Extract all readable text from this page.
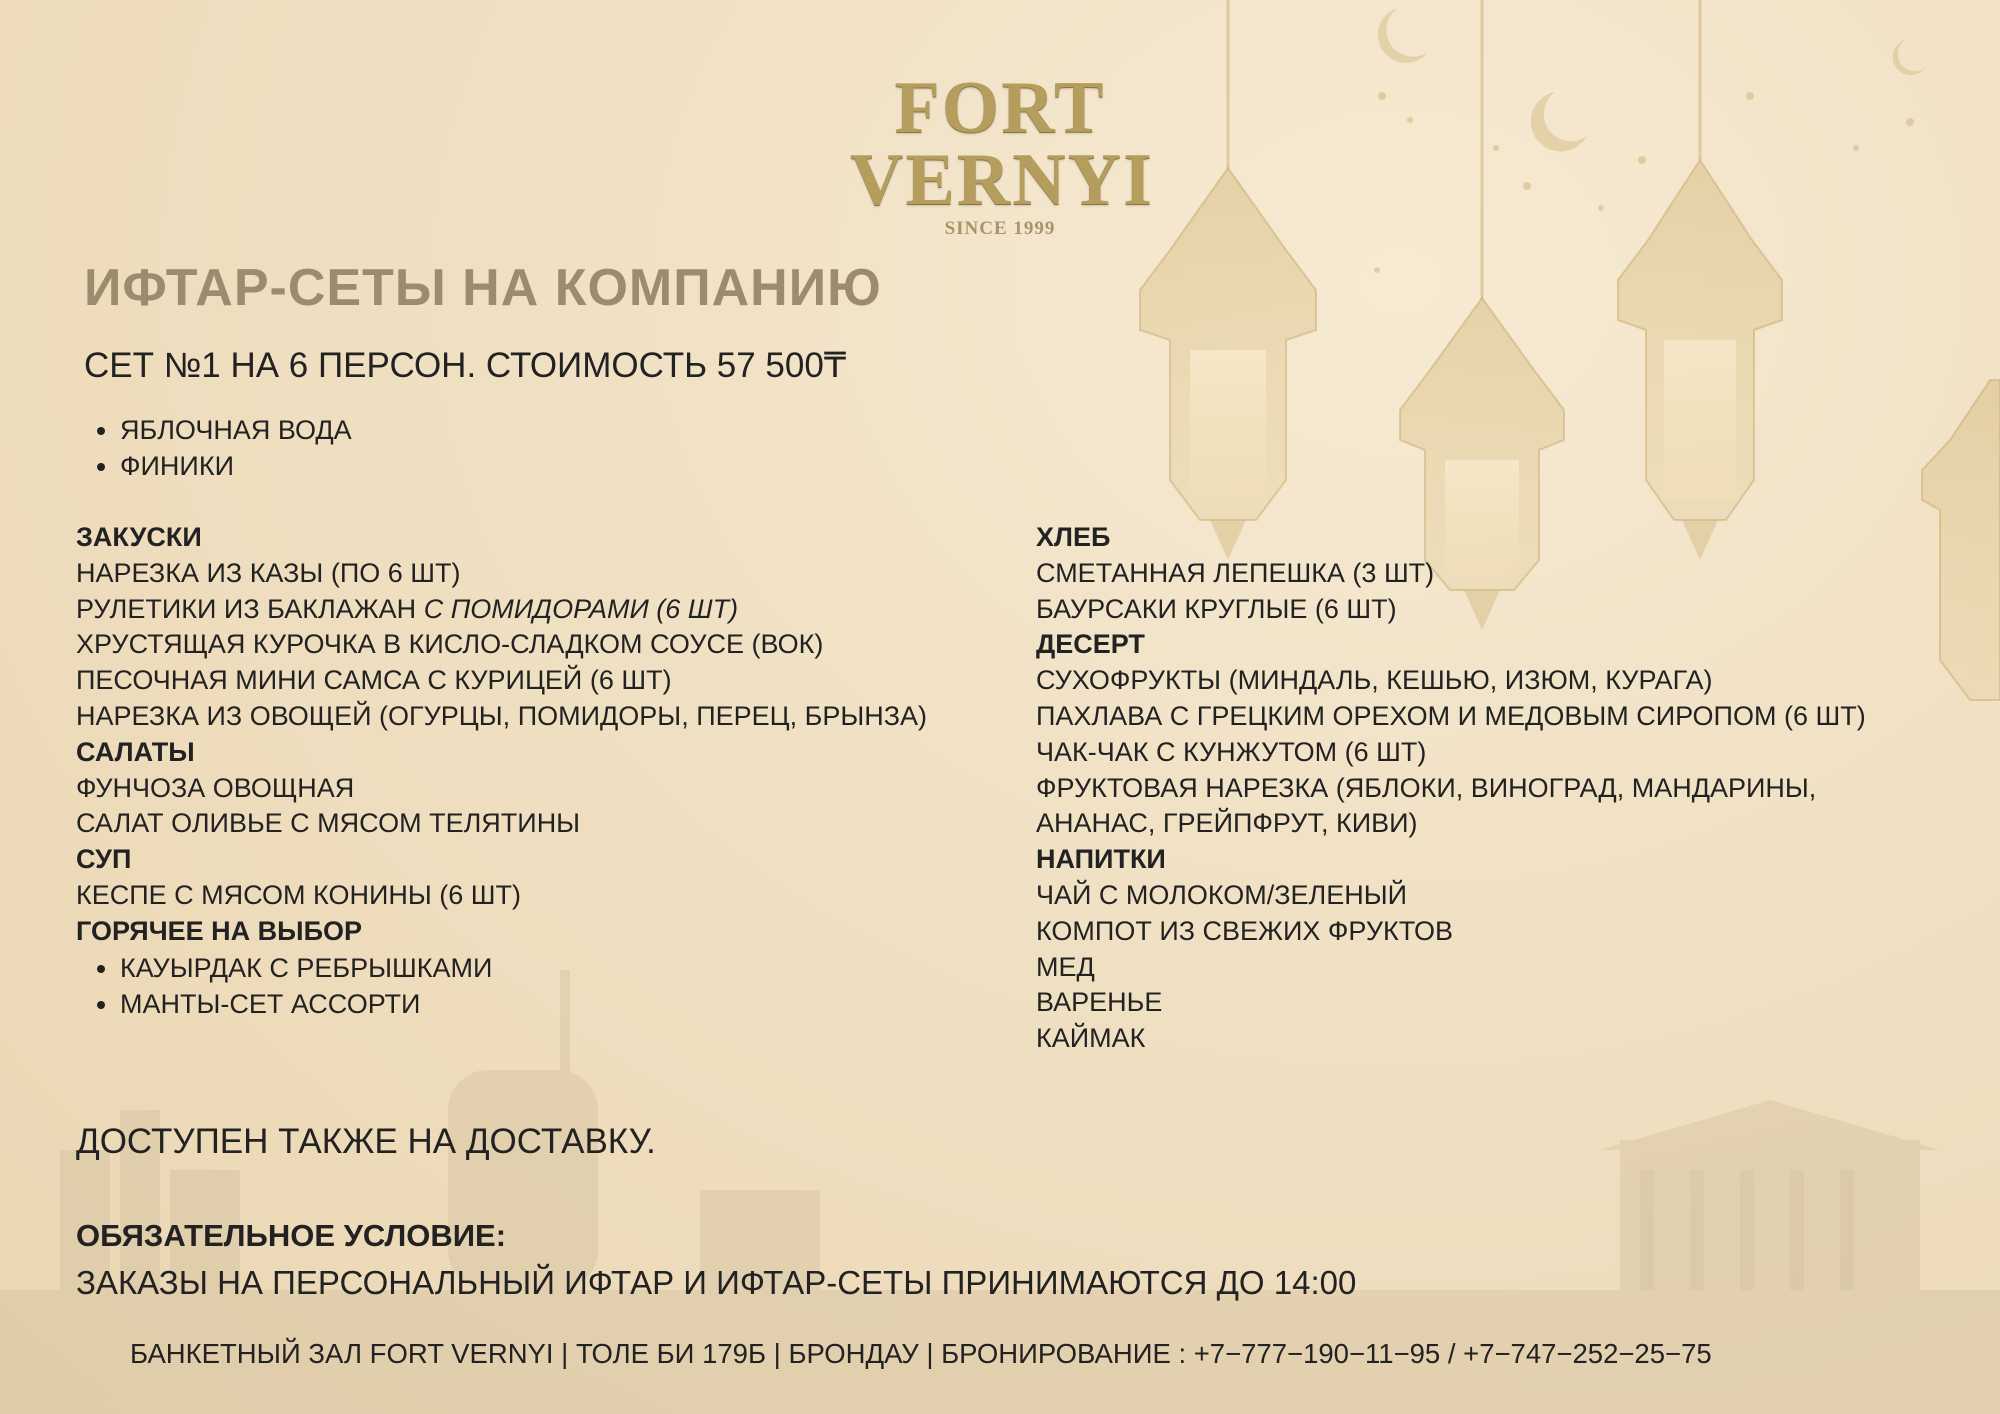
FORT
VERNYI
SINCE 1999
ИФТАР-СЕТЫ НА КОМПАНИЮ
СЕТ №1 НА 6 ПЕРСОН. СТОИМОСТЬ 57 500₸
• ЯБЛОЧНАЯ ВОДА
• ФИНИКИ
ЗАКУСКИ
НАРЕЗКА ИЗ КАЗЫ (ПО 6 ШТ)
РУЛЕТИКИ ИЗ БАКЛАЖАН С ПОМИДОРАМИ (6 ШТ)
ХРУСТЯЩАЯ КУРОЧКА В КИСЛО-СЛАДКОМ СОУСЕ (ВОК)
ПЕСОЧНАЯ МИНИ САМСА С КУРИЦЕЙ (6 ШТ)
НАРЕЗКА ИЗ ОВОЩЕЙ (ОГУРЦЫ, ПОМИДОРЫ, ПЕРЕЦ, БРЫНЗА)
САЛАТЫ
ФУНЧОЗА ОВОЩНАЯ
САЛАТ ОЛИВЬЕ С МЯСОМ ТЕЛЯТИНЫ
СУП
КЕСПЕ С МЯСОМ КОНИНЫ (6 ШТ)
ГОРЯЧЕЕ НА ВЫБОР
• КАУЫРДАК С РЕБРЫШКАМИ
• МАНТЫ-СЕТ АССОРТИ
ХЛЕБ
СМЕТАННАЯ ЛЕПЕШКА (3 ШТ)
БАУРСАКИ КРУГЛЫЕ (6 ШТ)
ДЕСЕРТ
СУХОФРУКТЫ (МИНДАЛЬ, КЕШЬЮ, ИЗЮМ, КУРАГА)
ПАХЛАВА С ГРЕЦКИМ ОРЕХОМ И МЕДОВЫМ СИРОПОМ (6 ШТ)
ЧАК-ЧАК С КУНЖУТОМ (6 ШТ)
ФРУКТОВАЯ НАРЕЗКА (ЯБЛОКИ, ВИНОГРАД, МАНДАРИНЫ,
АНАНАС, ГРЕЙПФРУТ, КИВИ)
НАПИТКИ
ЧАЙ С МОЛОКОМ/ЗЕЛЕНЫЙ
КОМПОТ ИЗ СВЕЖИХ ФРУКТОВ
МЕД
ВАРЕНЬЕ
КАЙМАК
ДОСТУПЕН ТАКЖЕ НА ДОСТАВКУ.
ОБЯЗАТЕЛЬНОЕ УСЛОВИЕ:
ЗАКАЗЫ НА ПЕРСОНАЛЬНЫЙ ИФТАР И ИФТАР-СЕТЫ ПРИНИМАЮТСЯ ДО 14:00
БАНКЕТНЫЙ ЗАЛ FORT VERNYI | ТОЛЕ БИ 179Б | БРОНДАУ | БРОНИРОВАНИЕ : +7−777−190−11−95 / +7−747−252−25−75
